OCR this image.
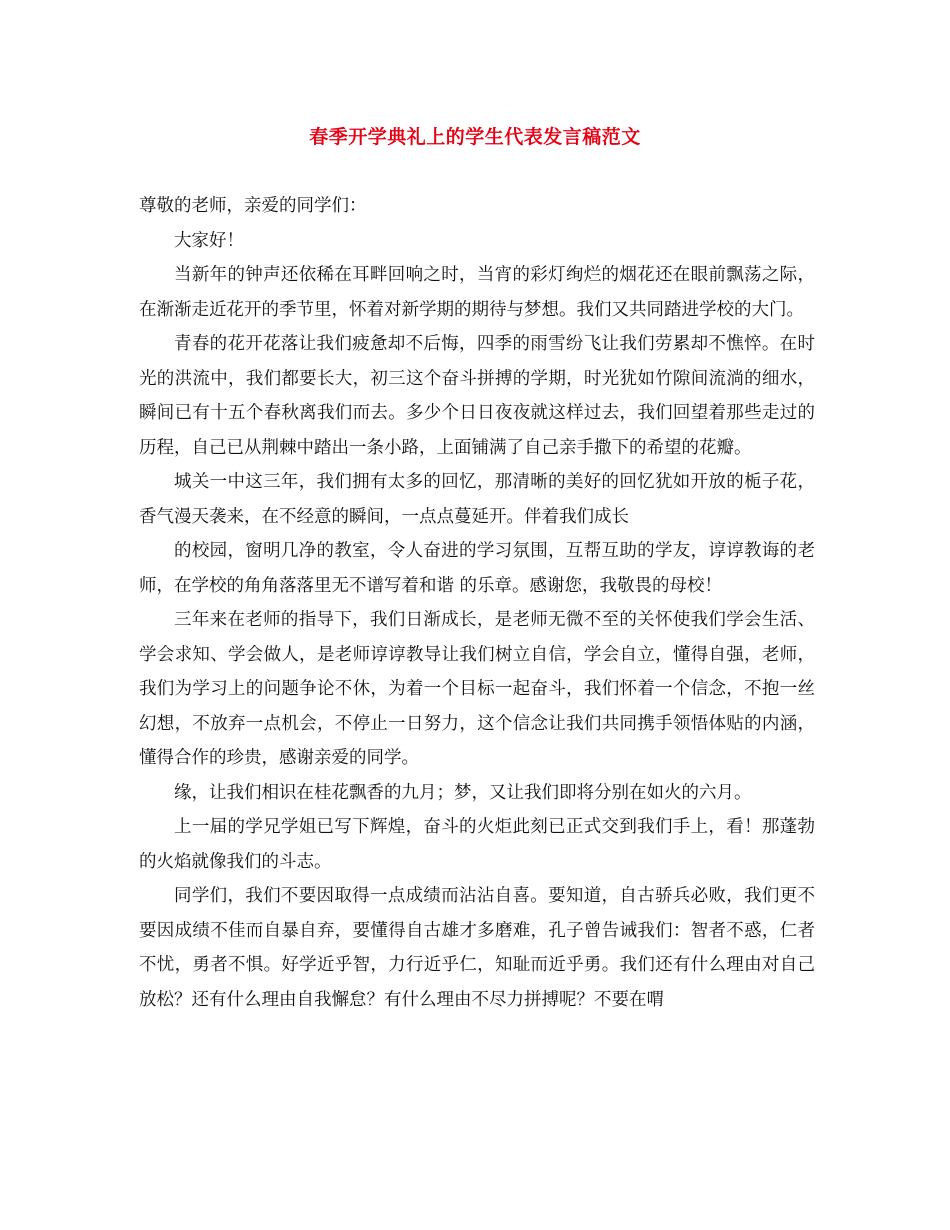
春季开学典礼上的学生代表发言稿范文

尊敬的老师，亲爱的同学们：

大家好！

当新年的钟声还依稀在耳畔回响之时，当宵的彩灯绚烂的烟花还在眼前飘荡之际，在渐渐走近花开的季节里，怀着对新学期的期待与梦想。我们又共同踏进学校的大门。

青春的花开花落让我们疲惫却不后悔，四季的雨雪纷飞让我们劳累却不憔悴。在时光的洪流中，我们都要长大，初三这个奋斗拼搏的学期，时光犹如竹隙间流淌的细水，瞬间已有十五个春秋离我们而去。多少个日日夜夜就这样过去，我们回望着那些走过的历程，自己已从荆棘中踏出一条小路，上面铺满了自己亲手撒下的希望的花瓣。

城关一中这三年，我们拥有太多的回忆，那清晰的美好的回忆犹如开放的栀子花，香气漫天袭来，在不经意的瞬间，一点点蔓延开。伴着我们成长

的校园，窗明几净的教室，令人奋进的学习氛围，互帮互助的学友，谆谆教诲的老师，在学校的角角落落里无不谱写着和谐 的乐章。感谢您，我敬畏的母校！

三年来在老师的指导下，我们日渐成长，是老师无微不至的关怀使我们学会生活、学会求知、学会做人，是老师谆谆教导让我们树立自信，学会自立，懂得自强，老师，我们为学习上的问题争论不休，为着一个目标一起奋斗，我们怀着一个信念，不抱一丝幻想，不放弃一点机会，不停止一日努力，这个信念让我们共同携手领悟体贴的内涵，懂得合作的珍贵，感谢亲爱的同学。

缘，让我们相识在桂花飘香的九月；梦，又让我们即将分别在如火的六月。

上一届的学兄学姐已写下辉煌，奋斗的火炬此刻已正式交到我们手上，看！那蓬勃的火焰就像我们的斗志。

同学们，我们不要因取得一点成绩而沾沾自喜。要知道，自古骄兵必败，我们更不要因成绩不佳而自暴自弃，要懂得自古雄才多磨难，孔子曾告诫我们：智者不惑，仁者不忧，勇者不惧。好学近乎智，力行近乎仁，知耻而近乎勇。我们还有什么理由对自己放松？还有什么理由自我懈怠？有什么理由不尽力拼搏呢？不要在喟
